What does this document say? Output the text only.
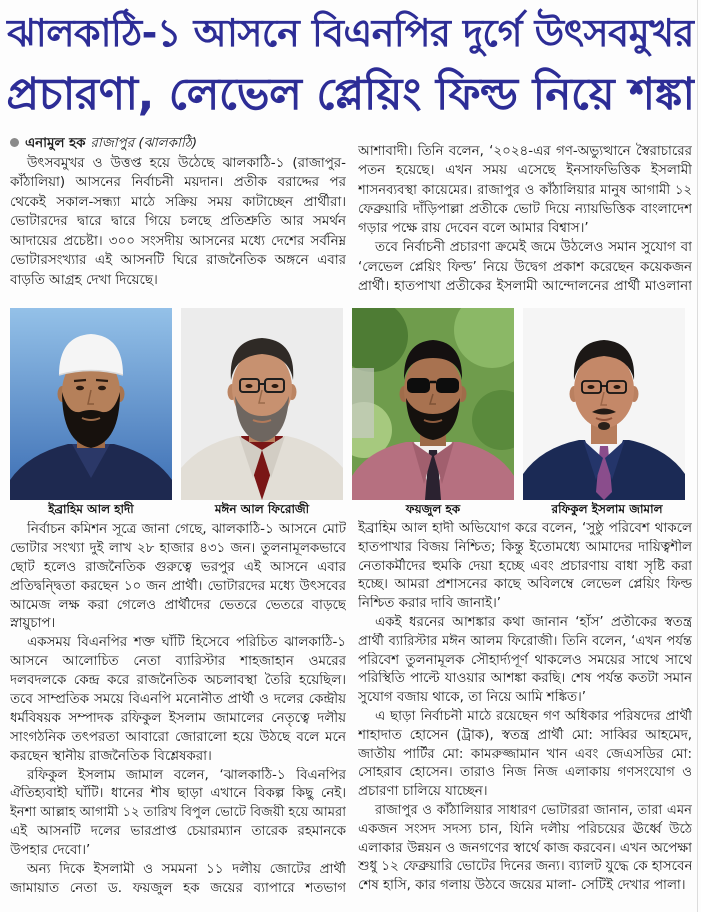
ঝালকাঠি-১ আসনে বিএনপির দুর্গে উৎসবমুখর
প্রচারণা, লেভেল প্লেয়িং ফিল্ড নিয়ে শঙ্কা
এনামুল হক রাজাপুর (ঝালকাঠি)
উৎসবমুখর ও উত্তপ্ত হয়ে উঠেছে ঝালকাঠি-১ (রাজাপুর-
কাঁঠালিয়া) আসনের নির্বাচনী ময়দান। প্রতীক বরাদ্দের পর
থেকেই সকাল-সন্ধ্যা মাঠে সক্রিয় সময় কাটাচ্ছেন প্রার্থীরা।
ভোটারদের দ্বারে দ্বারে গিয়ে চলছে প্রতিশ্রুতি আর সমর্থন
আদায়ের প্রচেষ্টা। ৩০০ সংসদীয় আসনের মধ্যে দেশের সর্বনিম্ন
ভোটারসংখ্যার এই আসনটি ঘিরে রাজনৈতিক অঙ্গনে এবার
বাড়তি আগ্রহ দেখা দিয়েছে।
আশাবাদী। তিনি বলেন, ‘২০২৪-এর গণ-অভ্যুত্থানে স্বৈরাচারের
পতন হয়েছে। এখন সময় এসেছে ইনসাফভিত্তিক ইসলামী
শাসনব্যবস্থা কায়েমের। রাজাপুর ও কাঁঠালিয়ার মানুষ আগামী ১২
ফেব্রুয়ারি দাঁড়িপাল্লা প্রতীকে ভোট দিয়ে ন্যায়ভিত্তিক বাংলাদেশ
গড়ার পক্ষে রায় দেবেন বলে আমার বিশ্বাস।’
তবে নির্বাচনী প্রচারণা ক্রমেই জমে উঠলেও সমান সুযোগ বা
‘লেভেল প্লেয়িং ফিল্ড’ নিয়ে উদ্বেগ প্রকাশ করেছেন কয়েকজন
প্রার্থী। হাতপাখা প্রতীকের ইসলামী আন্দোলনের প্রার্থী মাওলানা
ইব্রাহিম আল হাদী	মঈন আল ফিরোজী	ফয়জুল হক	রফিকুল ইসলাম জামাল
নির্বাচন কমিশন সূত্রে জানা গেছে, ঝালকাঠি-১ আসনে মোট
ভোটার সংখ্যা দুই লাখ ২৮ হাজার ৪৩১ জন। তুলনামূলকভাবে
ছোট হলেও রাজনৈতিক গুরুত্বে ভরপুর এই আসনে এবার
প্রতিদ্বন্দ্বিতা করছেন ১০ জন প্রার্থী। ভোটারদের মধ্যে উৎসবের
আমেজ লক্ষ করা গেলেও প্রার্থীদের ভেতরে ভেতরে বাড়ছে
স্নায়ুচাপ।
একসময় বিএনপির শক্ত ঘাঁটি হিসেবে পরিচিত ঝালকাঠি-১
আসনে আলোচিত নেতা ব্যারিস্টার শাহজাহান ওমরের
দলবদলকে কেন্দ্র করে রাজনৈতিক অচলাবস্থা তৈরি হয়েছিল।
তবে সাম্প্রতিক সময়ে বিএনপি মনোনীত প্রার্থী ও দলের কেন্দ্রীয়
ধর্মবিষয়ক সম্পাদক রফিকুল ইসলাম জামালের নেতৃত্বে দলীয়
সাংগঠনিক তৎপরতা আবারো জোরালো হয়ে উঠছে বলে মনে
করছেন স্থানীয় রাজনৈতিক বিশ্লেষকরা।
রফিকুল ইসলাম জামাল বলেন, ‘ঝালকাঠি-১ বিএনপির
ঐতিহ্যবাহী ঘাঁটি। ধানের শীষ ছাড়া এখানে বিকল্প কিছু নেই।
ইনশা আল্লাহ আগামী ১২ তারিখ বিপুল ভোটে বিজয়ী হয়ে আমরা
এই আসনটি দলের ভারপ্রাপ্ত চেয়ারম্যান তারেক রহমানকে
উপহার দেবো।’
অন্য দিকে ইসলামী ও সমমনা ১১ দলীয় জোটের প্রার্থী
জামায়াত নেতা ড. ফয়জুল হক জয়ের ব্যাপারে শতভাগ
ইব্রাহিম আল হাদী অভিযোগ করে বলেন, ‘সুষ্ঠু পরিবেশ থাকলে
হাতপাখার বিজয় নিশ্চিত; কিন্তু ইতোমধ্যে আমাদের দায়িত্বশীল
নেতাকর্মীদের হুমকি দেয়া হচ্ছে এবং প্রচারণায় বাধা সৃষ্টি করা
হচ্ছে। আমরা প্রশাসনের কাছে অবিলম্বে লেভেল প্লেয়িং ফিল্ড
নিশ্চিত করার দাবি জানাই।’
একই ধরনের আশঙ্কার কথা জানান ‘হাঁস’ প্রতীকের স্বতন্ত্র
প্রার্থী ব্যারিস্টার মঈন আলম ফিরোজী। তিনি বলেন, ‘এখন পর্যন্ত
পরিবেশ তুলনামূলক সৌহার্দ্যপূর্ণ থাকলেও সময়ের সাথে সাথে
পরিস্থিতি পাল্টে যাওয়ার আশঙ্কা করছি। শেষ পর্যন্ত কতটা সমান
সুযোগ বজায় থাকে, তা নিয়ে আমি শঙ্কিত।’
এ ছাড়া নির্বাচনী মাঠে রয়েছেন গণ অধিকার পরিষদের প্রার্থী
শাহাদাত হোসেন (ট্রাক), স্বতন্ত্র প্রার্থী মো: সাব্বির আহমেদ,
জাতীয় পার্টির মো: কামরুজ্জামান খান এবং জেএসডির মো:
সোহরাব হোসেন। তারাও নিজ নিজ এলাকায় গণসংযোগ ও
প্রচারণা চালিয়ে যাচ্ছেন।
রাজাপুর ও কাঁঠালিয়ার সাধারণ ভোটাররা জানান, তারা এমন
একজন সংসদ সদস্য চান, যিনি দলীয় পরিচয়ের ঊর্ধ্বে উঠে
এলাকার উন্নয়ন ও জনগণের স্বার্থে কাজ করবেন। এখন অপেক্ষা
শুধু ১২ ফেব্রুয়ারি ভোটের দিনের জন্য। ব্যালট যুদ্ধে কে হাসবেন
শেষ হাসি, কার গলায় উঠবে জয়ের মালা- সেটিই দেখার পালা।
